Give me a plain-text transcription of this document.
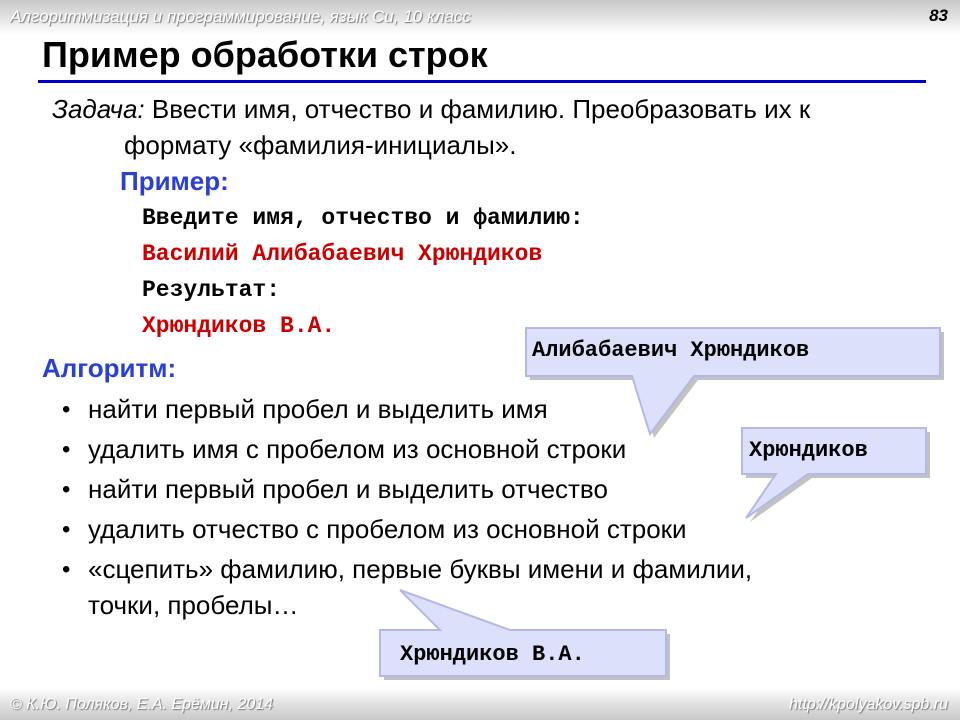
Алгоритмизация и программирование, язык Си, 10 класс	83
Пример обработки строк
Задача: Ввести имя, отчество и фамилию. Преобразовать их к
формату «фамилия-инициалы».
Пример:
Введите имя, отчество и фамилию:
Василий Алибабаевич Хрюндиков
Результат:
Хрюндиков В.А.
Алгоритм:
• найти первый пробел и выделить имя
• удалить имя с пробелом из основной строки
• найти первый пробел и выделить отчество
• удалить отчество с пробелом из основной строки
• «сцепить» фамилию, первые буквы имени и фамилии,
точки, пробелы…
Алибабаевич Хрюндиков
Хрюндиков
Хрюндиков В.А.
© К.Ю. Поляков, Е.А. Ерёмин, 2014	http://kpolyakov.spb.ru
